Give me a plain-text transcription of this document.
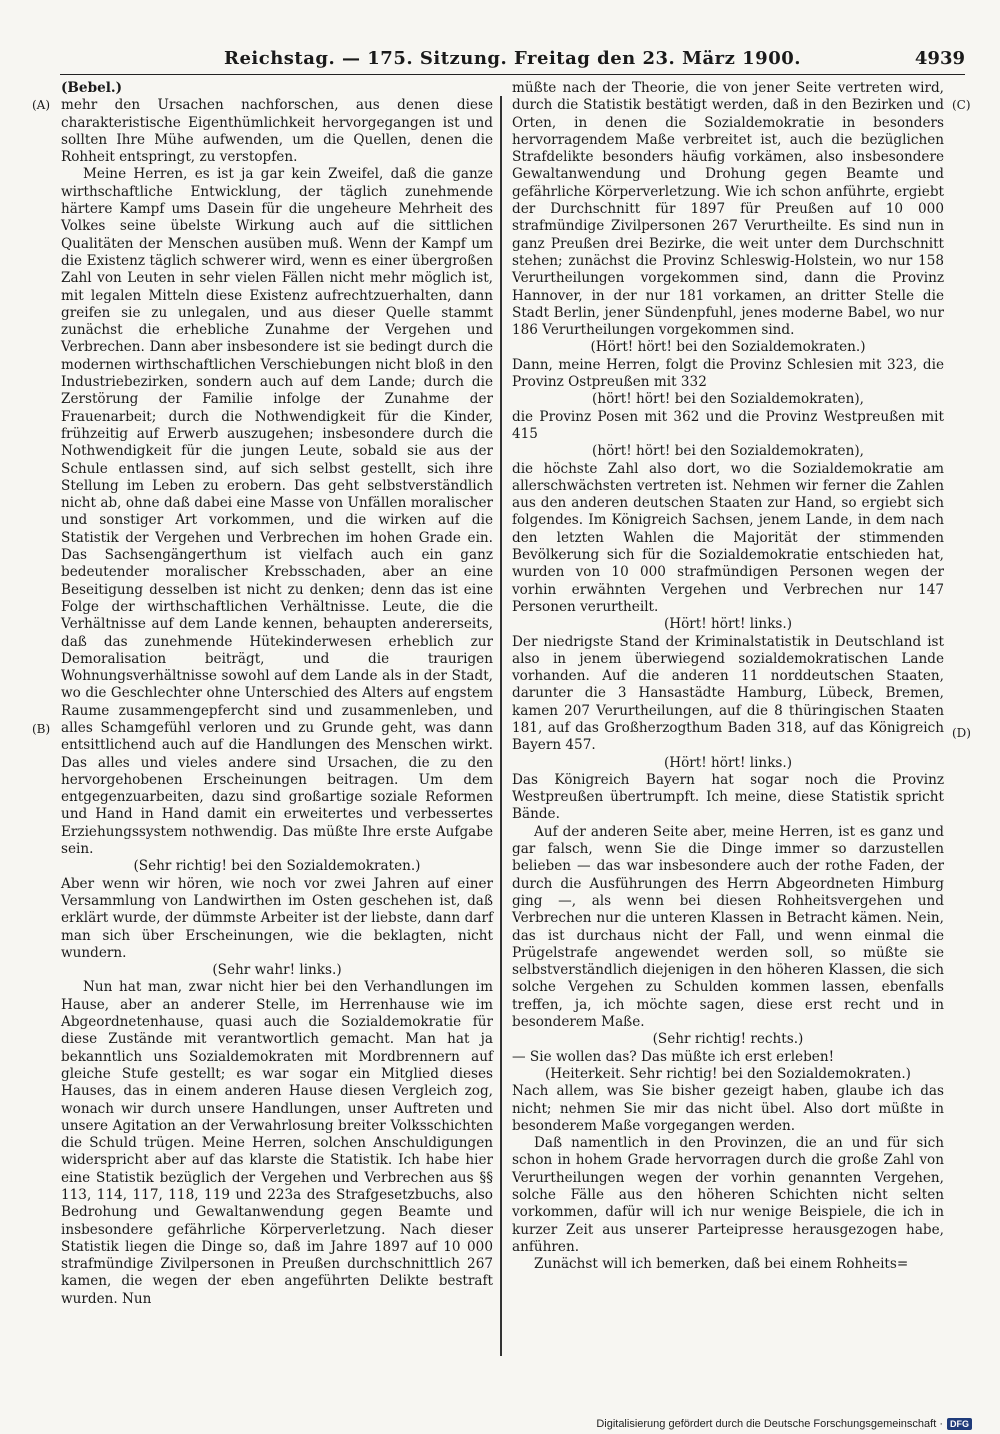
Reichstag. — 175. Sitzung. Freitag den 23. März 1900.	4939
(A)
(B)
(C)
(D)

(Bebel.)

mehr den Ursachen nachforschen, aus denen diese charakteristische Eigenthümlichkeit hervorgegangen ist und sollten Ihre Mühe aufwenden, um die Quellen, denen die Rohheit entspringt, zu verstopfen.

Meine Herren, es ist ja gar kein Zweifel, daß die ganze wirthschaftliche Entwicklung, der täglich zunehmende härtere Kampf ums Dasein für die ungeheure Mehrheit des Volkes seine übelste Wirkung auch auf die sittlichen Qualitäten der Menschen ausüben muß. Wenn der Kampf um die Existenz täglich schwerer wird, wenn es einer übergroßen Zahl von Leuten in sehr vielen Fällen nicht mehr möglich ist, mit legalen Mitteln diese Existenz aufrechtzuerhalten, dann greifen sie zu unlegalen, und aus dieser Quelle stammt zunächst die erhebliche Zunahme der Vergehen und Verbrechen. Dann aber insbesondere ist sie bedingt durch die modernen wirthschaftlichen Verschiebungen nicht bloß in den Industriebezirken, sondern auch auf dem Lande; durch die Zerstörung der Familie infolge der Zunahme der Frauenarbeit; durch die Nothwendigkeit für die Kinder, frühzeitig auf Erwerb auszugehen; insbesondere durch die Nothwendigkeit für die jungen Leute, sobald sie aus der Schule entlassen sind, auf sich selbst gestellt, sich ihre Stellung im Leben zu erobern. Das geht selbstverständlich nicht ab, ohne daß dabei eine Masse von Unfällen moralischer und sonstiger Art vorkommen, und die wirken auf die Statistik der Vergehen und Verbrechen im hohen Grade ein. Das Sachsengängerthum ist vielfach auch ein ganz bedeutender moralischer Krebsschaden, aber an eine Beseitigung desselben ist nicht zu denken; denn das ist eine Folge der wirthschaftlichen Verhältnisse. Leute, die die Verhältnisse auf dem Lande kennen, behaupten andererseits, daß das zunehmende Hütekinderwesen erheblich zur Demoralisation beiträgt, und die traurigen Wohnungsverhältnisse sowohl auf dem Lande als in der Stadt, wo die Geschlechter ohne Unterschied des Alters auf engstem Raume zusammengepfercht sind und zusammenleben, und alles Schamgefühl verloren und zu Grunde geht, was dann entsittlichend auch auf die Handlungen des Menschen wirkt. Das alles und vieles andere sind Ursachen, die zu den hervorgehobenen Erscheinungen beitragen. Um dem entgegenzuarbeiten, dazu sind großartige soziale Reformen und Hand in Hand damit ein erweitertes und verbessertes Erziehungssystem nothwendig. Das müßte Ihre erste Aufgabe sein.

(Sehr richtig! bei den Sozialdemokraten.)

Aber wenn wir hören, wie noch vor zwei Jahren auf einer Versammlung von Landwirthen im Osten geschehen ist, daß erklärt wurde, der dümmste Arbeiter ist der liebste, dann darf man sich über Erscheinungen, wie die beklagten, nicht wundern.

(Sehr wahr! links.)

Nun hat man, zwar nicht hier bei den Verhandlungen im Hause, aber an anderer Stelle, im Herrenhause wie im Abgeordnetenhause, quasi auch die Sozialdemokratie für diese Zustände mit verantwortlich gemacht. Man hat ja bekanntlich uns Sozialdemokraten mit Mordbrennern auf gleiche Stufe gestellt; es war sogar ein Mitglied dieses Hauses, das in einem anderen Hause diesen Vergleich zog, wonach wir durch unsere Handlungen, unser Auftreten und unsere Agitation an der Verwahrlosung breiter Volksschichten die Schuld trügen. Meine Herren, solchen Anschuldigungen widerspricht aber auf das klarste die Statistik. Ich habe hier eine Statistik bezüglich der Vergehen und Verbrechen aus §§ 113, 114, 117, 118, 119 und 223a des Strafgesetzbuchs, also Bedrohung und Gewaltanwendung gegen Beamte und insbesondere gefährliche Körperverletzung. Nach dieser Statistik liegen die Dinge so, daß im Jahre 1897 auf 10 000 strafmündige Zivilpersonen in Preußen durchschnittlich 267 kamen, die wegen der eben angeführten Delikte bestraft wurden. Nun

müßte nach der Theorie, die von jener Seite vertreten wird, durch die Statistik bestätigt werden, daß in den Bezirken und Orten, in denen die Sozialdemokratie in besonders hervorragendem Maße verbreitet ist, auch die bezüglichen Strafdelikte besonders häufig vorkämen, also insbesondere Gewaltanwendung und Drohung gegen Beamte und gefährliche Körperverletzung. Wie ich schon anführte, ergiebt der Durchschnitt für 1897 für Preußen auf 10 000 strafmündige Zivilpersonen 267 Verurtheilte. Es sind nun in ganz Preußen drei Bezirke, die weit unter dem Durchschnitt stehen; zunächst die Provinz Schleswig-Holstein, wo nur 158 Verurtheilungen vorgekommen sind, dann die Provinz Hannover, in der nur 181 vorkamen, an dritter Stelle die Stadt Berlin, jener Sündenpfuhl, jenes moderne Babel, wo nur 186 Verurtheilungen vorgekommen sind.

(Hört! hört! bei den Sozialdemokraten.)

Dann, meine Herren, folgt die Provinz Schlesien mit 323, die Provinz Ostpreußen mit 332

(hört! hört! bei den Sozialdemokraten),

die Provinz Posen mit 362 und die Provinz Westpreußen mit 415

(hört! hört! bei den Sozialdemokraten),

die höchste Zahl also dort, wo die Sozialdemokratie am allerschwächsten vertreten ist. Nehmen wir ferner die Zahlen aus den anderen deutschen Staaten zur Hand, so ergiebt sich folgendes. Im Königreich Sachsen, jenem Lande, in dem nach den letzten Wahlen die Majorität der stimmenden Bevölkerung sich für die Sozialdemokratie entschieden hat, wurden von 10 000 strafmündigen Personen wegen der vorhin erwähnten Vergehen und Verbrechen nur 147 Personen verurtheilt.

(Hört! hört! links.)

Der niedrigste Stand der Kriminalstatistik in Deutschland ist also in jenem überwiegend sozialdemokratischen Lande vorhanden. Auf die anderen 11 norddeutschen Staaten, darunter die 3 Hansastädte Hamburg, Lübeck, Bremen, kamen 207 Verurtheilungen, auf die 8 thüringischen Staaten 181, auf das Großherzogthum Baden 318, auf das Königreich Bayern 457.

(Hört! hört! links.)

Das Königreich Bayern hat sogar noch die Provinz Westpreußen übertrumpft. Ich meine, diese Statistik spricht Bände.

Auf der anderen Seite aber, meine Herren, ist es ganz und gar falsch, wenn Sie die Dinge immer so darzustellen belieben — das war insbesondere auch der rothe Faden, der durch die Ausführungen des Herrn Abgeordneten Himburg ging —, als wenn bei diesen Rohheitsvergehen und Verbrechen nur die unteren Klassen in Betracht kämen. Nein, das ist durchaus nicht der Fall, und wenn einmal die Prügelstrafe angewendet werden soll, so müßte sie selbstverständlich diejenigen in den höheren Klassen, die sich solche Vergehen zu Schulden kommen lassen, ebenfalls treffen, ja, ich möchte sagen, diese erst recht und in besonderem Maße.

(Sehr richtig! rechts.)

— Sie wollen das? Das müßte ich erst erleben!

(Heiterkeit. Sehr richtig! bei den Sozialdemokraten.)

Nach allem, was Sie bisher gezeigt haben, glaube ich das nicht; nehmen Sie mir das nicht übel. Also dort müßte in besonderem Maße vorgegangen werden.

Daß namentlich in den Provinzen, die an und für sich schon in hohem Grade hervorragen durch die große Zahl von Verurtheilungen wegen der vorhin genannten Vergehen, solche Fälle aus den höheren Schichten nicht selten vorkommen, dafür will ich nur wenige Beispiele, die ich in kurzer Zeit aus unserer Parteipresse herausgezogen habe, anführen.

Zunächst will ich bemerken, daß bei einem Rohheits=

Digitalisierung gefördert durch die Deutsche Forschungsgemeinschaft · DFG
